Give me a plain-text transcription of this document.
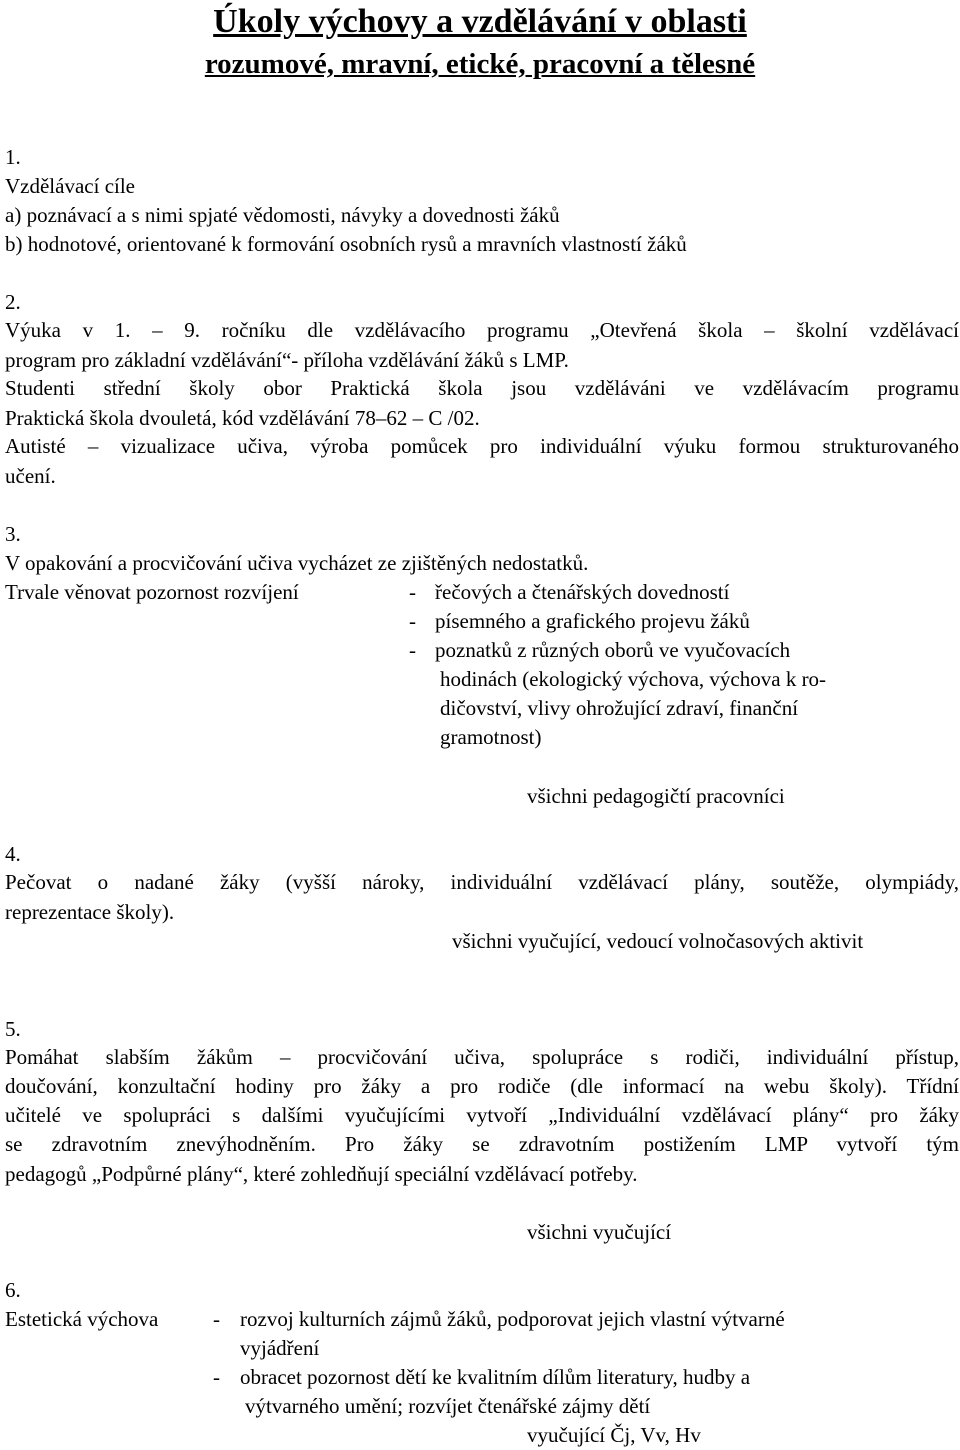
Úkoly výchovy a vzdělávání v oblasti
rozumové, mravní, etické, pracovní a tělesné
1.
Vzdělávací cíle
a) poznávací a s nimi spjaté vědomosti, návyky a dovednosti žáků
b) hodnotové, orientované k formování osobních rysů a mravních vlastností žáků
2.
Výuka v 1. – 9. ročníku dle vzdělávacího programu „Otevřená škola – školní vzdělávací
program pro základní vzdělávání“- příloha vzdělávání žáků s LMP.
Studenti střední školy obor Praktická škola jsou vzděláváni ve vzdělávacím programu
Praktická škola dvouletá, kód vzdělávání 78–62 – C /02.
Autisté – vizualizace učiva, výroba pomůcek pro individuální výuku formou strukturovaného
učení.
3.
V opakování a procvičování učiva vycházet ze zjištěných nedostatků.
Trvale věnovat pozornost rozvíjení	- řečových a čtenářských dovedností
- písemného a grafického projevu žáků
- poznatků z různých oborů ve vyučovacích
hodinách (ekologický výchova, výchova k ro-
dičovství, vlivy ohrožující zdraví, finanční
gramotnost)
všichni pedagogičtí pracovníci
4.
Pečovat o nadané žáky (vyšší nároky, individuální vzdělávací plány, soutěže, olympiády,
reprezentace školy).
všichni vyučující, vedoucí volnočasových aktivit
5.
Pomáhat slabším žákům – procvičování učiva, spolupráce s rodiči, individuální přístup,
doučování, konzultační hodiny pro žáky a pro rodiče (dle informací na webu školy). Třídní
učitelé ve spolupráci s dalšími vyučujícími vytvoří „Individuální vzdělávací plány“ pro žáky
se zdravotním znevýhodněním. Pro žáky se zdravotním postižením LMP vytvoří tým
pedagogů „Podpůrné plány“, které zohledňují speciální vzdělávací potřeby.
všichni vyučující
6.
Estetická výchova	- rozvoj kulturních zájmů žáků, podporovat jejich vlastní výtvarné
vyjádření
- obracet pozornost dětí ke kvalitním dílům literatury, hudby a
výtvarného umění; rozvíjet čtenářské zájmy dětí
vyučující Čj, Vv, Hv
